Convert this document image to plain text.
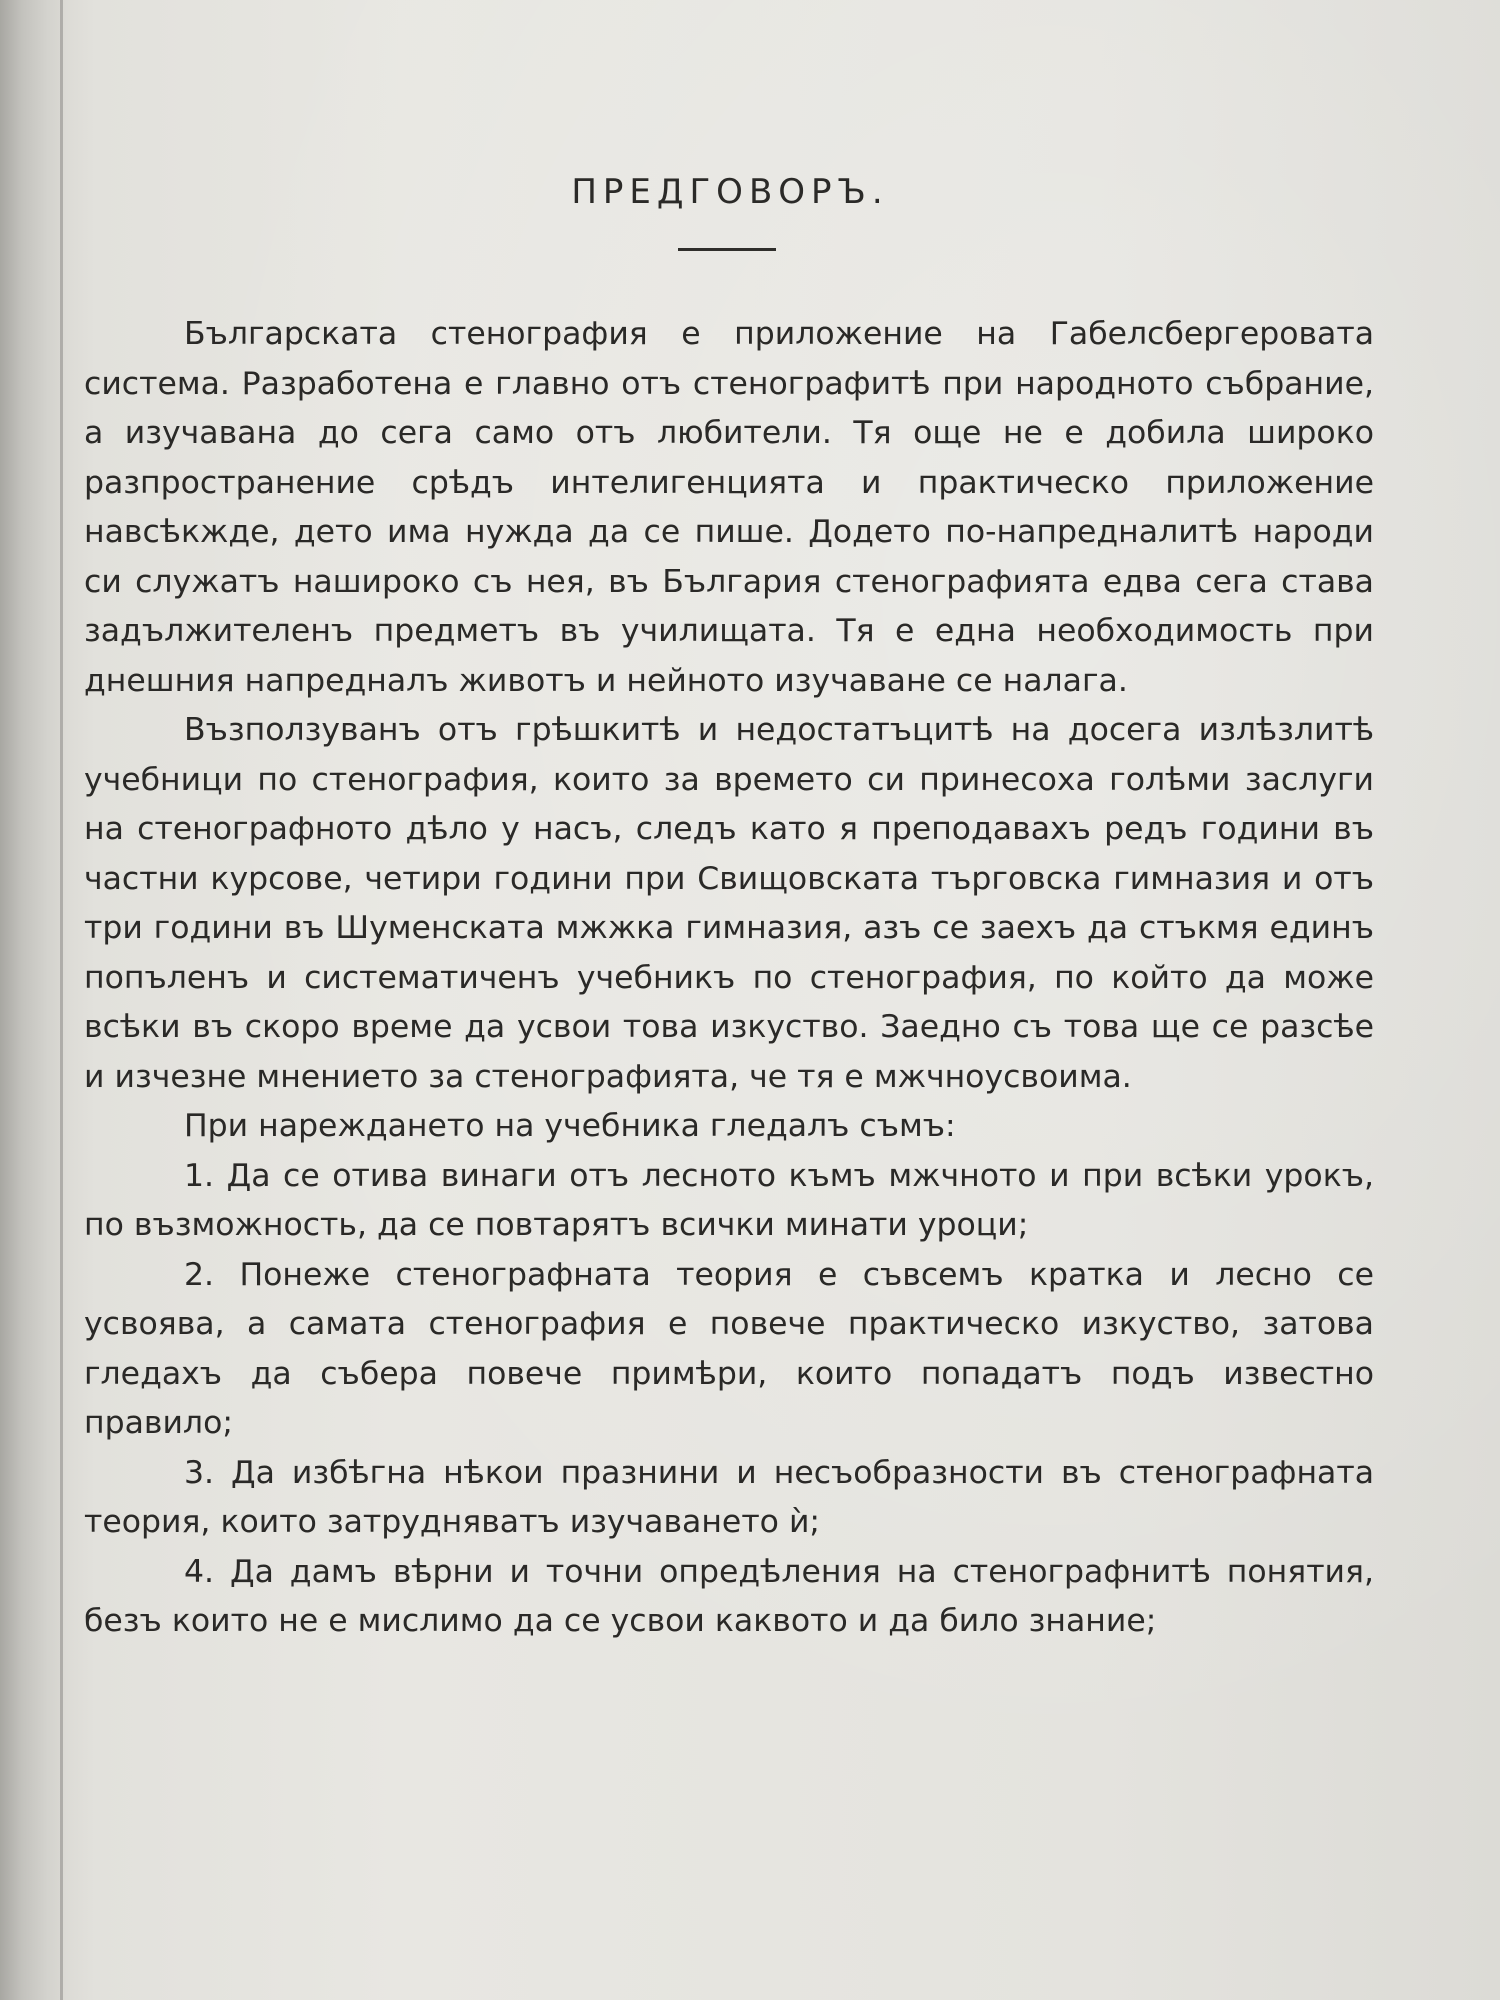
ПРЕДГОВОРЪ.

Българската стенография е приложение на Габелсбергеровата система. Разработена е главно отъ стенографитѣ при народното събрание, а изучавана до сега само отъ любители. Тя още не е добила широко разпространение срѣдъ интелигенцията и практическо приложение навсѣкжде, дето има нужда да се пише. Додето по-напредналитѣ народи си служатъ нашироко съ нея, въ България стенографията едва сега става задължителенъ предметъ въ училищата. Тя е една необходимость при днешния напредналъ животъ и нейното изучаване се налага.

Възползуванъ отъ грѣшкитѣ и недостатъцитѣ на досега излѣзлитѣ учебници по стенография, които за времето си принесоха голѣми заслуги на стенографното дѣло у насъ, следъ като я преподавахъ редъ години въ частни курсове, четири години при Свищовската търговска гимназия и отъ три години въ Шуменската мжжка гимназия, азъ се заехъ да стъкмя единъ попъленъ и систематиченъ учебникъ по стенография, по който да може всѣки въ скоро време да усвои това изкуство. Заедно съ това ще се разсѣе и изчезне мнението за стенографията, че тя е мжчноусвоима.

При нареждането на учебника гледалъ съмъ:

1. Да се отива винаги отъ лесното къмъ мжчното и при всѣки урокъ, по възможность, да се повтарятъ всички минати уроци;

2. Понеже стенографната теория е съвсемъ кратка и лесно се усвоява, а самата стенография е повече практическо изкуство, затова гледахъ да събера повече примѣри, които попадатъ подъ известно правило;

3. Да избѣгна нѣкои празнини и несъобразности въ стенографната теория, които затрудняватъ изучаването ѝ;

4. Да дамъ вѣрни и точни опредѣления на стенографнитѣ понятия, безъ които не е мислимо да се усвои каквото и да било знание;
